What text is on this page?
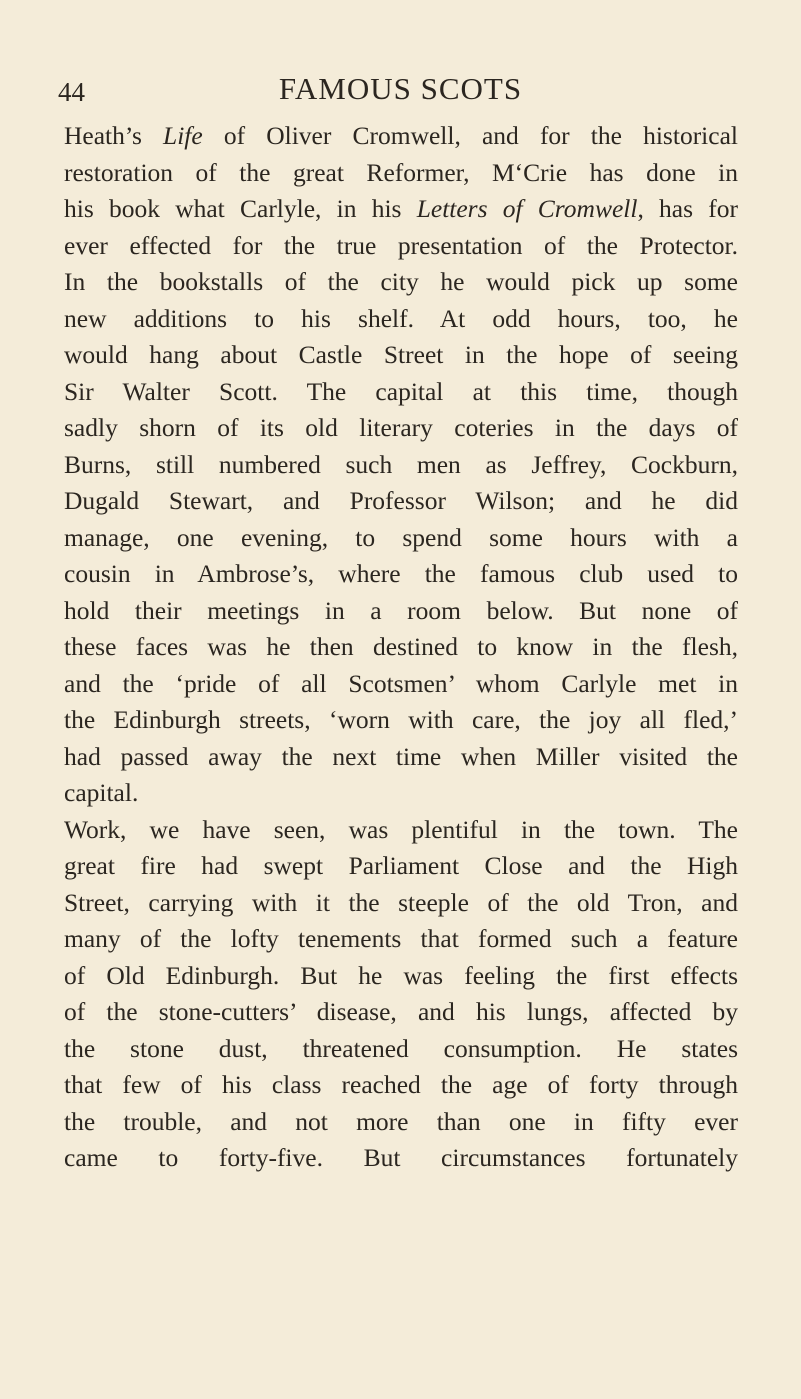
44	FAMOUS SCOTS
Heath’s Life of Oliver Cromwell, and for the historical
restoration of the great Reformer, M‘Crie has done in
his book what Carlyle, in his Letters of Cromwell, has for
ever effected for the true presentation of the Protector.
In the bookstalls of the city he would pick up some
new additions to his shelf. At odd hours, too, he
would hang about Castle Street in the hope of seeing
Sir Walter Scott. The capital at this time, though
sadly shorn of its old literary coteries in the days of
Burns, still numbered such men as Jeffrey, Cockburn,
Dugald Stewart, and Professor Wilson; and he did
manage, one evening, to spend some hours with a
cousin in Ambrose’s, where the famous club used to
hold their meetings in a room below. But none of
these faces was he then destined to know in the flesh,
and the ‘pride of all Scotsmen’ whom Carlyle met in
the Edinburgh streets, ‘worn with care, the joy all fled,’
had passed away the next time when Miller visited the
capital.
Work, we have seen, was plentiful in the town. The
great fire had swept Parliament Close and the High
Street, carrying with it the steeple of the old Tron, and
many of the lofty tenements that formed such a feature
of Old Edinburgh. But he was feeling the first effects
of the stone-cutters’ disease, and his lungs, affected by
the stone dust, threatened consumption. He states
that few of his class reached the age of forty through
the trouble, and not more than one in fifty ever
came to forty-five. But circumstances fortunately
